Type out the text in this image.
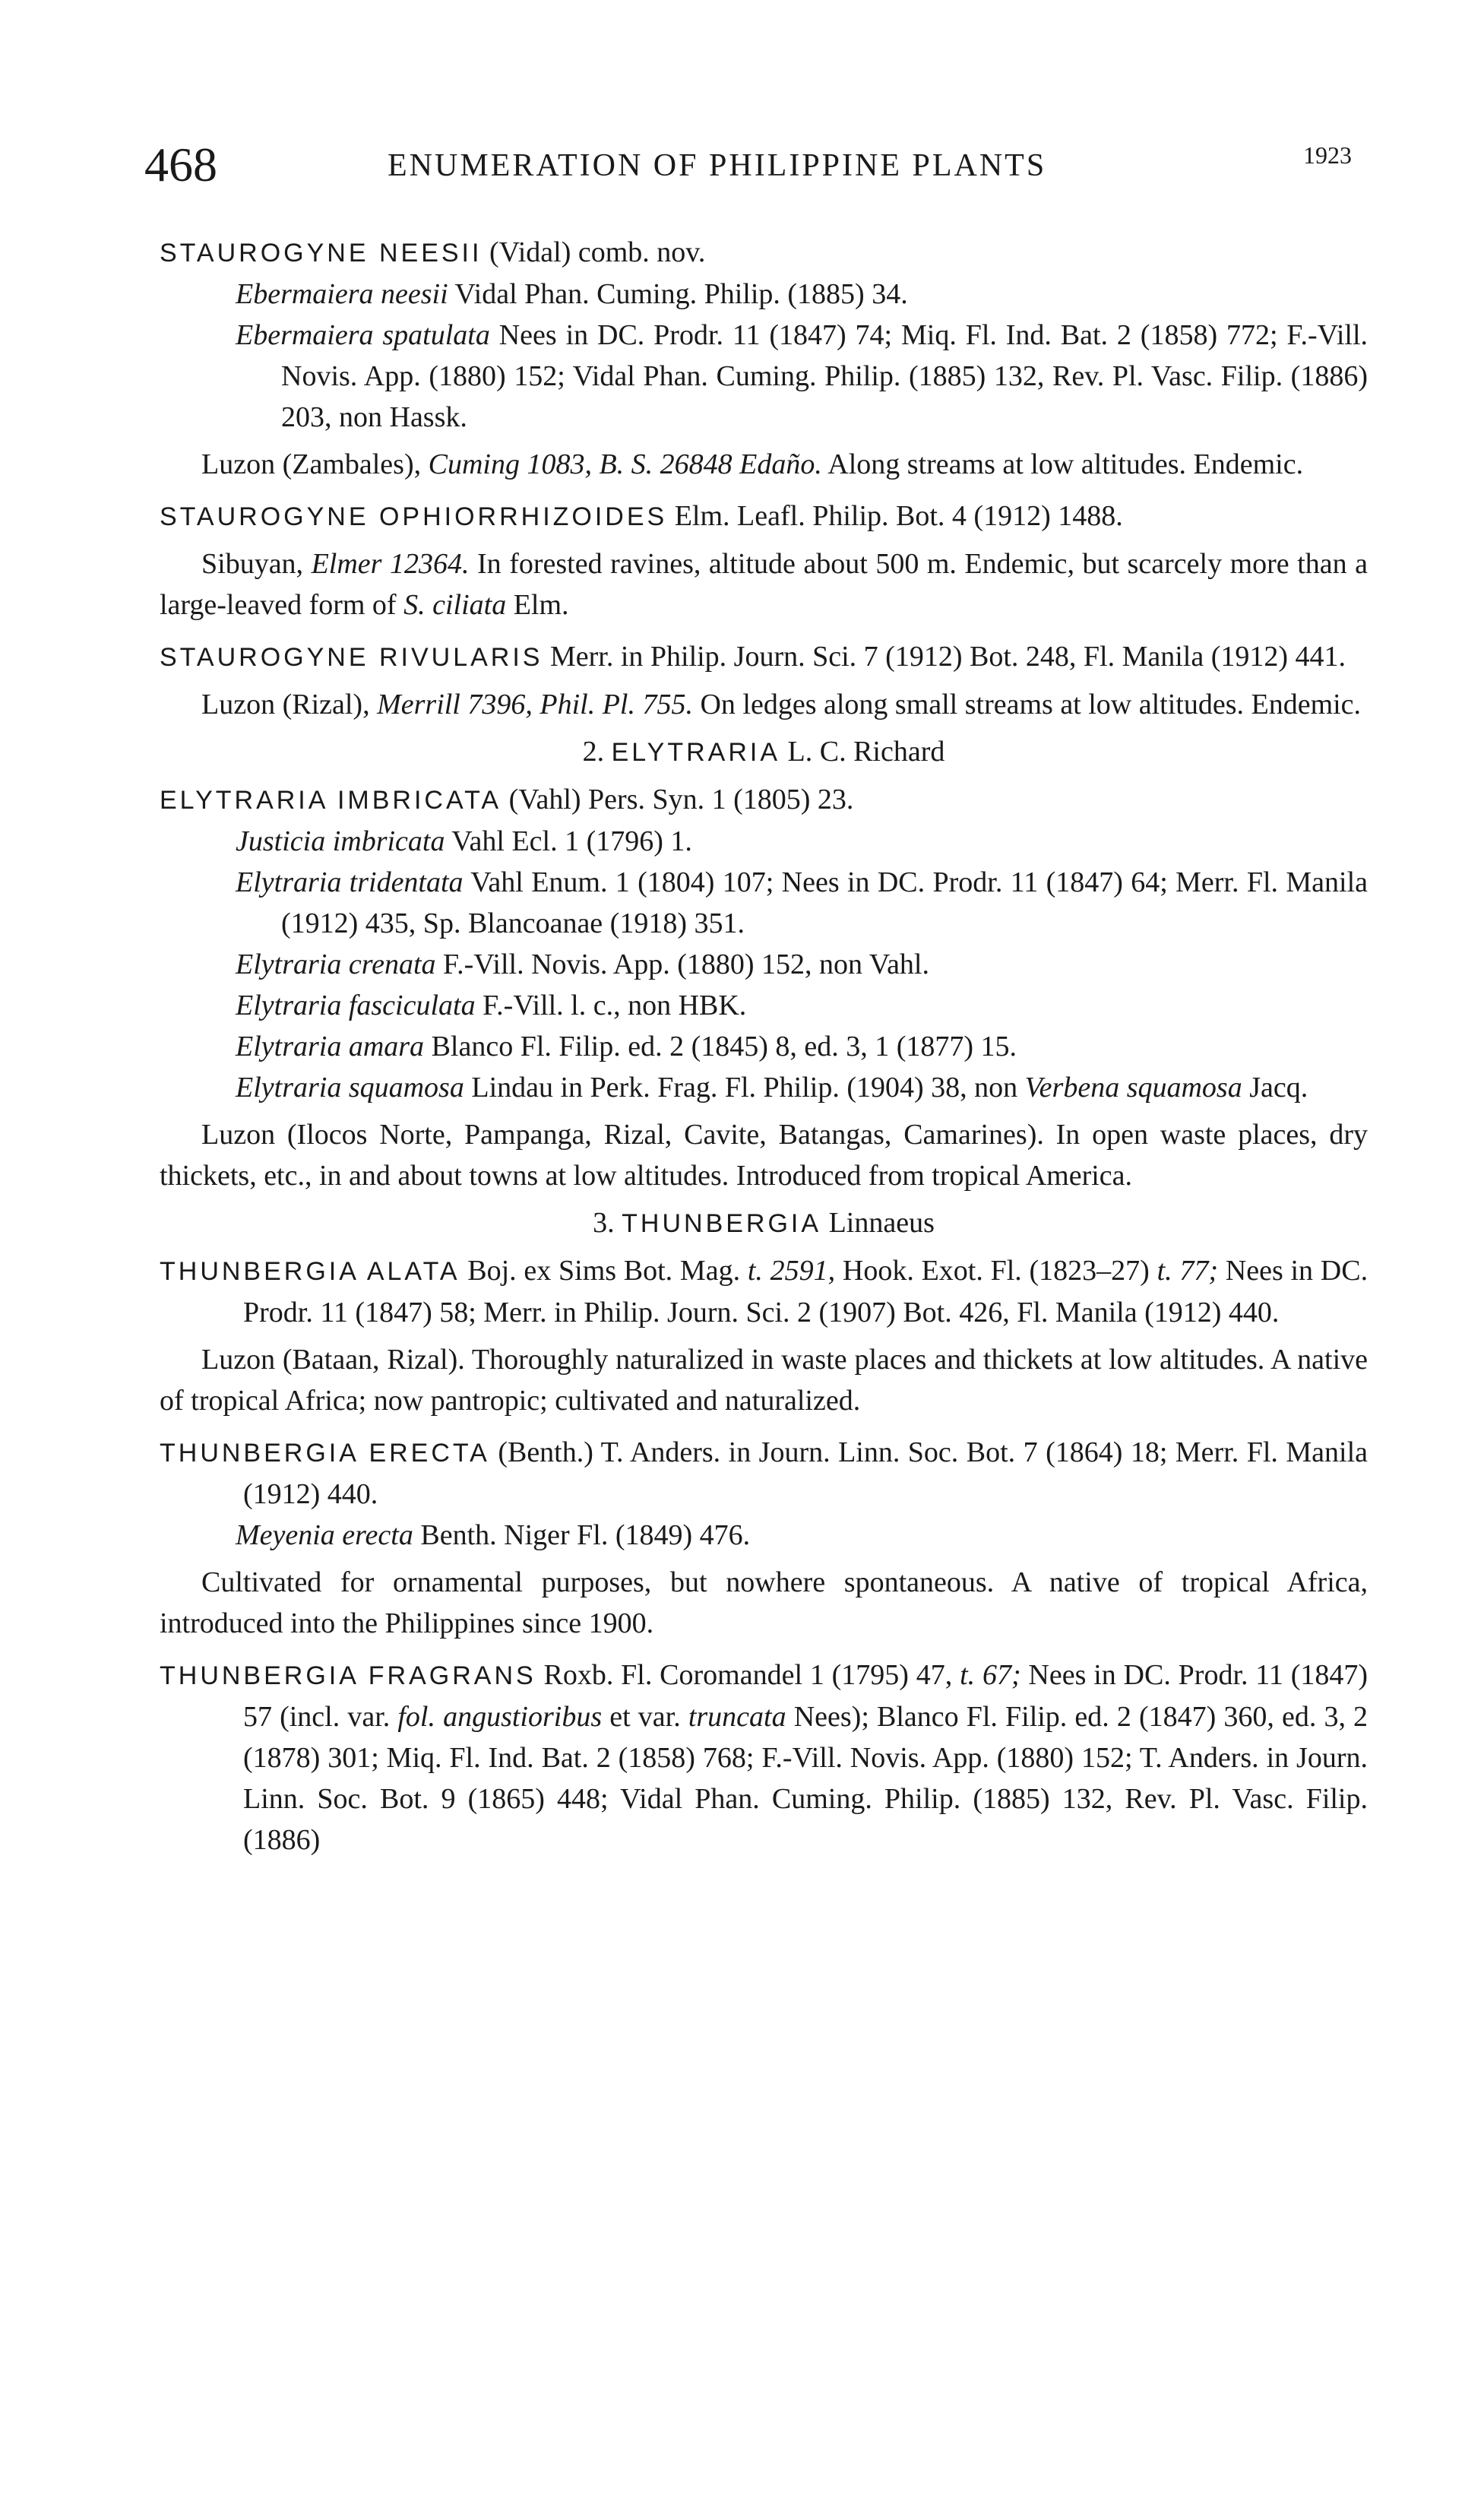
468	ENUMERATION OF PHILIPPINE PLANTS	1923

STAUROGYNE NEESII (Vidal) comb. nov.

Ebermaiera neesii Vidal Phan. Cuming. Philip. (1885) 34.

Ebermaiera spatulata Nees in DC. Prodr. 11 (1847) 74; Miq. Fl. Ind. Bat. 2 (1858) 772; F.-Vill. Novis. App. (1880) 152; Vidal Phan. Cuming. Philip. (1885) 132, Rev. Pl. Vasc. Filip. (1886) 203, non Hassk.

Luzon (Zambales), Cuming 1083, B. S. 26848 Edaño. Along streams at low altitudes. Endemic.

STAUROGYNE OPHIORRHIZOIDES Elm. Leafl. Philip. Bot. 4 (1912) 1488.

Sibuyan, Elmer 12364. In forested ravines, altitude about 500 m. Endemic, but scarcely more than a large-leaved form of S. ciliata Elm.

STAUROGYNE RIVULARIS Merr. in Philip. Journ. Sci. 7 (1912) Bot. 248, Fl. Manila (1912) 441.

Luzon (Rizal), Merrill 7396, Phil. Pl. 755. On ledges along small streams at low altitudes. Endemic.

2. ELYTRARIA L. C. Richard

ELYTRARIA IMBRICATA (Vahl) Pers. Syn. 1 (1805) 23.

Justicia imbricata Vahl Ecl. 1 (1796) 1.

Elytraria tridentata Vahl Enum. 1 (1804) 107; Nees in DC. Prodr. 11 (1847) 64; Merr. Fl. Manila (1912) 435, Sp. Blancoanae (1918) 351.

Elytraria crenata F.-Vill. Novis. App. (1880) 152, non Vahl.

Elytraria fasciculata F.-Vill. l. c., non HBK.

Elytraria amara Blanco Fl. Filip. ed. 2 (1845) 8, ed. 3, 1 (1877) 15.

Elytraria squamosa Lindau in Perk. Frag. Fl. Philip. (1904) 38, non Verbena squamosa Jacq.

Luzon (Ilocos Norte, Pampanga, Rizal, Cavite, Batangas, Camarines). In open waste places, dry thickets, etc., in and about towns at low altitudes. Introduced from tropical America.

3. THUNBERGIA Linnaeus

THUNBERGIA ALATA Boj. ex Sims Bot. Mag. t. 2591, Hook. Exot. Fl. (1823–27) t. 77; Nees in DC. Prodr. 11 (1847) 58; Merr. in Philip. Journ. Sci. 2 (1907) Bot. 426, Fl. Manila (1912) 440.

Luzon (Bataan, Rizal). Thoroughly naturalized in waste places and thickets at low altitudes. A native of tropical Africa; now pantropic; cultivated and naturalized.

THUNBERGIA ERECTA (Benth.) T. Anders. in Journ. Linn. Soc. Bot. 7 (1864) 18; Merr. Fl. Manila (1912) 440.

Meyenia erecta Benth. Niger Fl. (1849) 476.

Cultivated for ornamental purposes, but nowhere spontaneous. A native of tropical Africa, introduced into the Philippines since 1900.

THUNBERGIA FRAGRANS Roxb. Fl. Coromandel 1 (1795) 47, t. 67; Nees in DC. Prodr. 11 (1847) 57 (incl. var. fol. angustioribus et var. truncata Nees); Blanco Fl. Filip. ed. 2 (1847) 360, ed. 3, 2 (1878) 301; Miq. Fl. Ind. Bat. 2 (1858) 768; F.-Vill. Novis. App. (1880) 152; T. Anders. in Journ. Linn. Soc. Bot. 9 (1865) 448; Vidal Phan. Cuming. Philip. (1885) 132, Rev. Pl. Vasc. Filip. (1886)
